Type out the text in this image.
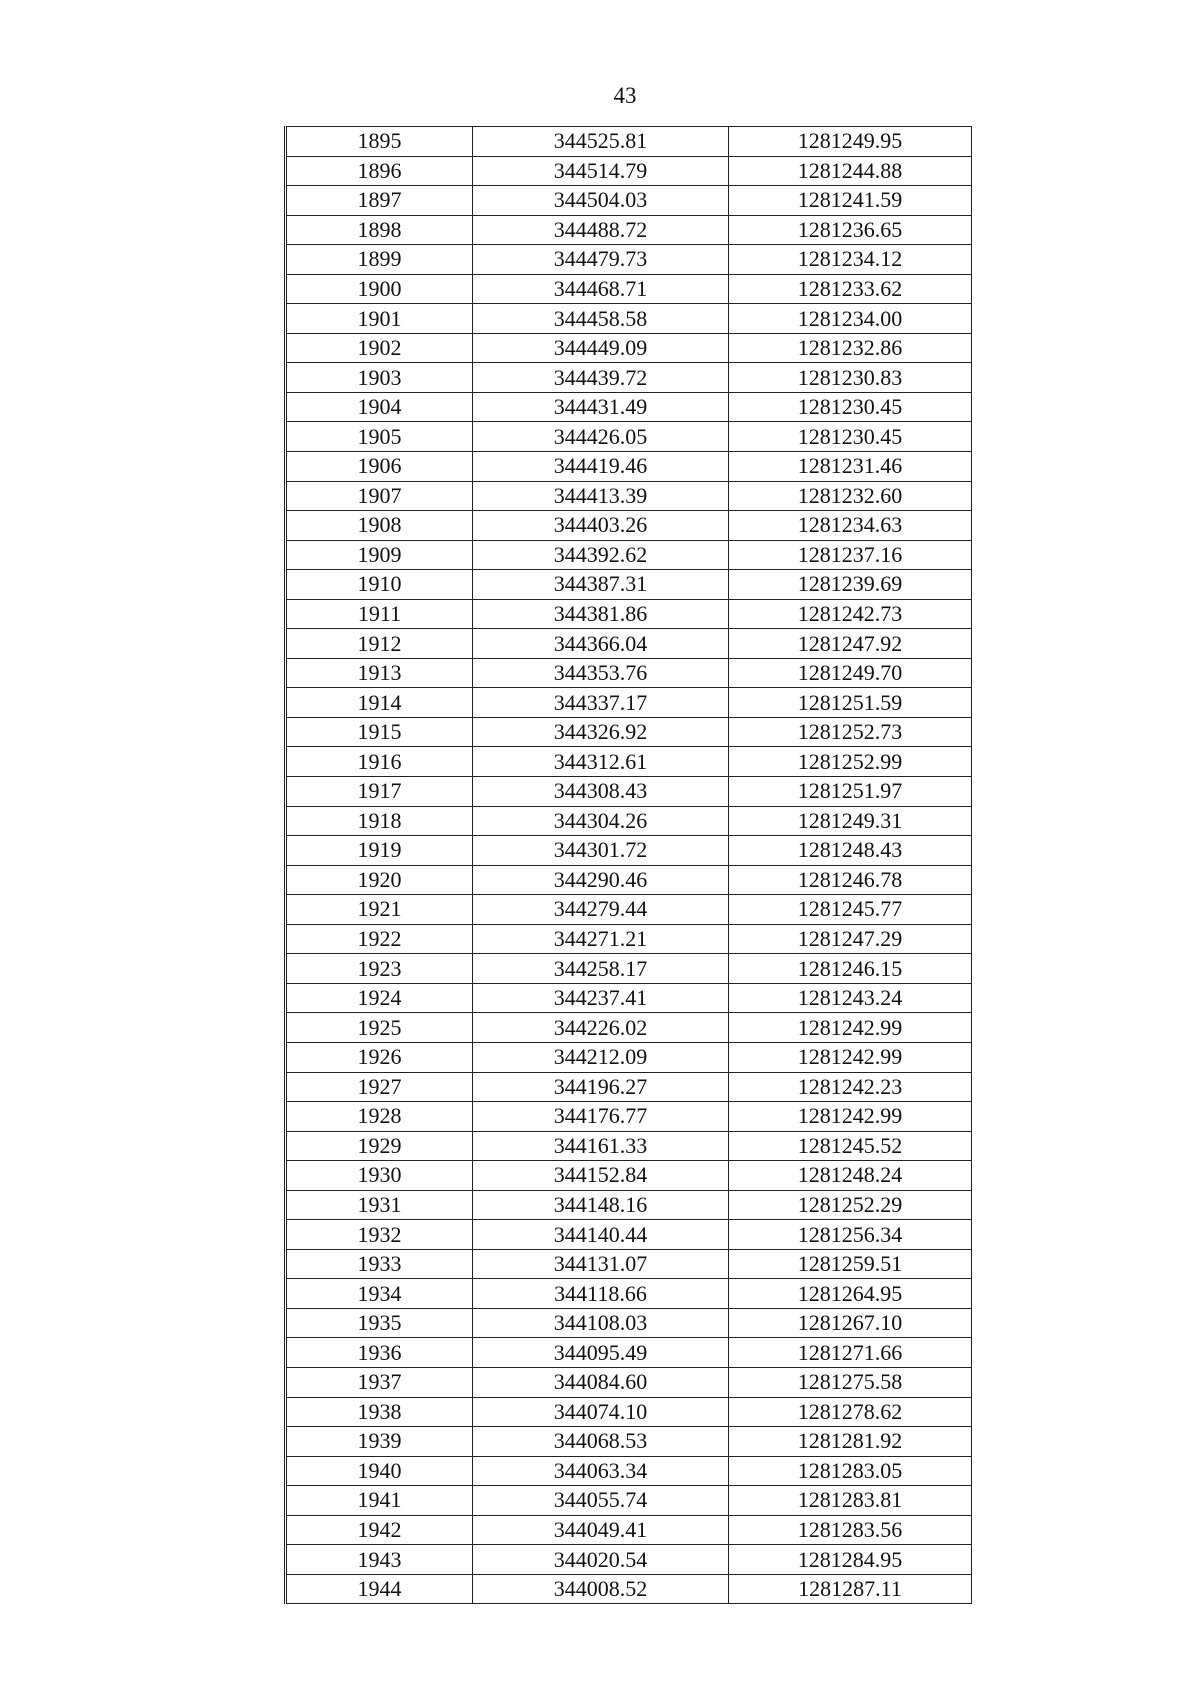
43
1895	344525.81	1281249.95
1896	344514.79	1281244.88
1897	344504.03	1281241.59
1898	344488.72	1281236.65
1899	344479.73	1281234.12
1900	344468.71	1281233.62
1901	344458.58	1281234.00
1902	344449.09	1281232.86
1903	344439.72	1281230.83
1904	344431.49	1281230.45
1905	344426.05	1281230.45
1906	344419.46	1281231.46
1907	344413.39	1281232.60
1908	344403.26	1281234.63
1909	344392.62	1281237.16
1910	344387.31	1281239.69
1911	344381.86	1281242.73
1912	344366.04	1281247.92
1913	344353.76	1281249.70
1914	344337.17	1281251.59
1915	344326.92	1281252.73
1916	344312.61	1281252.99
1917	344308.43	1281251.97
1918	344304.26	1281249.31
1919	344301.72	1281248.43
1920	344290.46	1281246.78
1921	344279.44	1281245.77
1922	344271.21	1281247.29
1923	344258.17	1281246.15
1924	344237.41	1281243.24
1925	344226.02	1281242.99
1926	344212.09	1281242.99
1927	344196.27	1281242.23
1928	344176.77	1281242.99
1929	344161.33	1281245.52
1930	344152.84	1281248.24
1931	344148.16	1281252.29
1932	344140.44	1281256.34
1933	344131.07	1281259.51
1934	344118.66	1281264.95
1935	344108.03	1281267.10
1936	344095.49	1281271.66
1937	344084.60	1281275.58
1938	344074.10	1281278.62
1939	344068.53	1281281.92
1940	344063.34	1281283.05
1941	344055.74	1281283.81
1942	344049.41	1281283.56
1943	344020.54	1281284.95
1944	344008.52	1281287.11
